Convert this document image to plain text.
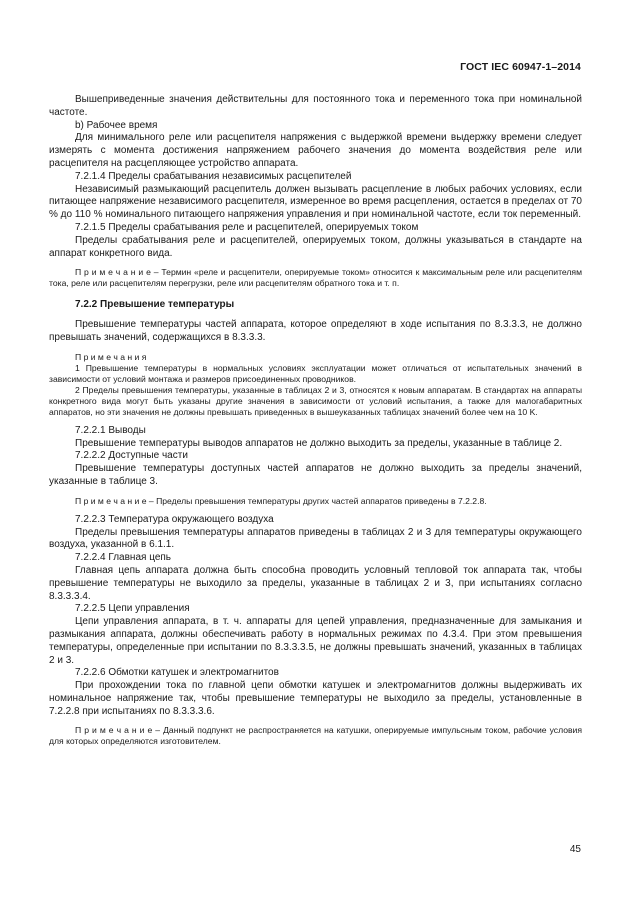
ГОСТ IEC 60947-1–2014

Вышеприведенные значения действительны для постоянного тока и переменного тока при номинальной частоте.

b) Рабочее время

Для минимального реле или расцепителя напряжения с выдержкой времени выдержку времени следует измерять с момента достижения напряжением рабочего значения до момента воздействия реле или расцепителя на расцепляющее устройство аппарата.

7.2.1.4 Пределы срабатывания независимых расцепителей

Независимый размыкающий расцепитель должен вызывать расцепление в любых рабочих условиях, если питающее напряжение независимого расцепителя, измеренное во время расцепления, остается в пределах от 70 % до 110 % номинального питающего напряжения управления и при номинальной частоте, если ток переменный.

7.2.1.5 Пределы срабатывания реле и расцепителей, оперируемых током

Пределы срабатывания реле и расцепителей, оперируемых током, должны указываться в стандарте на аппарат конкретного вида.

П р и м е ч а н и е – Термин «реле и расцепители, оперируемые током» относится к максимальным реле или расцепителям тока, реле или расцепителям перегрузки, реле или расцепителям обратного тока и т. п.

7.2.2 Превышение температуры

Превышение температуры частей аппарата, которое определяют в ходе испытания по 8.3.3.3, не должно превышать значений, содержащихся в 8.3.3.3.

П р и м е ч а н и я

1 Превышение температуры в нормальных условиях эксплуатации может отличаться от испытательных значений в зависимости от условий монтажа и размеров присоединенных проводников.

2 Пределы превышения температуры, указанные в таблицах 2 и 3, относятся к новым аппаратам. В стандартах на аппараты конкретного вида могут быть указаны другие значения в зависимости от условий испытания, а также для малогабаритных аппаратов, но эти значения не должны превышать приведенных в вышеуказанных таблицах значений более чем на 10 K.

7.2.2.1 Выводы

Превышение температуры выводов аппаратов не должно выходить за пределы, указанные в таблице 2.

7.2.2.2 Доступные части

Превышение температуры доступных частей аппаратов не должно выходить за пределы значений, указанные в таблице 3.

П р и м е ч а н и е – Пределы превышения температуры других частей аппаратов приведены в 7.2.2.8.

7.2.2.3 Температура окружающего воздуха

Пределы превышения температуры аппаратов приведены в таблицах 2 и 3 для температуры окружающего воздуха, указанной в 6.1.1.

7.2.2.4 Главная цепь

Главная цепь аппарата должна быть способна проводить условный тепловой ток аппарата так, чтобы превышение температуры не выходило за пределы, указанные в таблицах 2 и 3, при испытаниях согласно 8.3.3.3.4.

7.2.2.5 Цепи управления

Цепи управления аппарата, в т. ч. аппараты для цепей управления, предназначенные для замыкания и размыкания аппарата, должны обеспечивать работу в нормальных режимах по 4.3.4. При этом превышения температуры, определенные при испытании по 8.3.3.3.5, не должны превышать значений, указанных в таблицах 2 и 3.

7.2.2.6 Обмотки катушек и электромагнитов

При прохождении тока по главной цепи обмотки катушек и электромагнитов должны выдерживать их номинальное напряжение так, чтобы превышение температуры не выходило за пределы, установленные в 7.2.2.8 при испытаниях по 8.3.3.3.6.

П р и м е ч а н и е – Данный подпункт не распространяется на катушки, оперируемые импульсным током, рабочие условия для которых определяются изготовителем.

45
